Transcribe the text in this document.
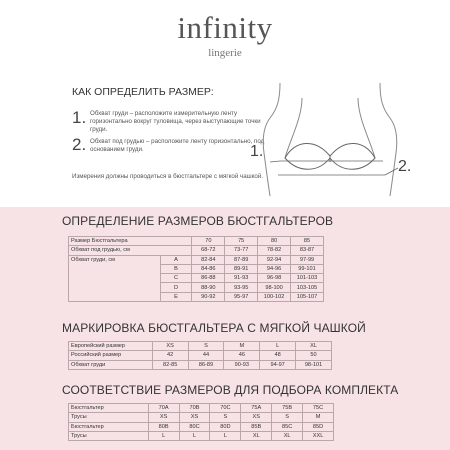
infinity
lingerie
КАК ОПРЕДЕЛИТЬ РАЗМЕР:
1. Обхват груди – расположите измерительную ленту горизонтально вокруг туловища, через выступающие точки груди.
2. Обхват под грудью – расположите ленту горизонтально, под основанием груди.
Измерения должны проводиться в бюстгальтере с мягкой чашкой.
1.
2.
ОПРЕДЕЛЕНИЕ РАЗМЕРОВ БЮСТГАЛЬТЕРОВ
Размер Бюстгальтера		70	75	80	85
Обхват под грудью, см		68-72	73-77	78-82	83-87
Обхват груди, см	A	82-84	87-89	92-94	97-99
	B	84-86	89-91	94-96	99-101
	C	86-88	91-93	96-98	101-103
	D	88-90	93-95	98-100	103-105
	E	90-92	95-97	100-102	105-107
МАРКИРОВКА БЮСТГАЛЬТЕРА С МЯГКОЙ ЧАШКОЙ
Европейский размер	XS	S	M	L	XL
Российский размер	42	44	46	48	50
Обхват груди	82-85	86-89	90-93	94-97	98-101
СООТВЕТСТВИЕ РАЗМЕРОВ ДЛЯ ПОДБОРА КОМПЛЕКТА
Бюстгальтер	70A	70B	70C	75A	75B	75C
Трусы	XS	XS	S	XS	S	M
Бюстгальтер	80B	80C	80D	85B	85C	85D
Трусы	L	L	L	XL	XL	XXL
